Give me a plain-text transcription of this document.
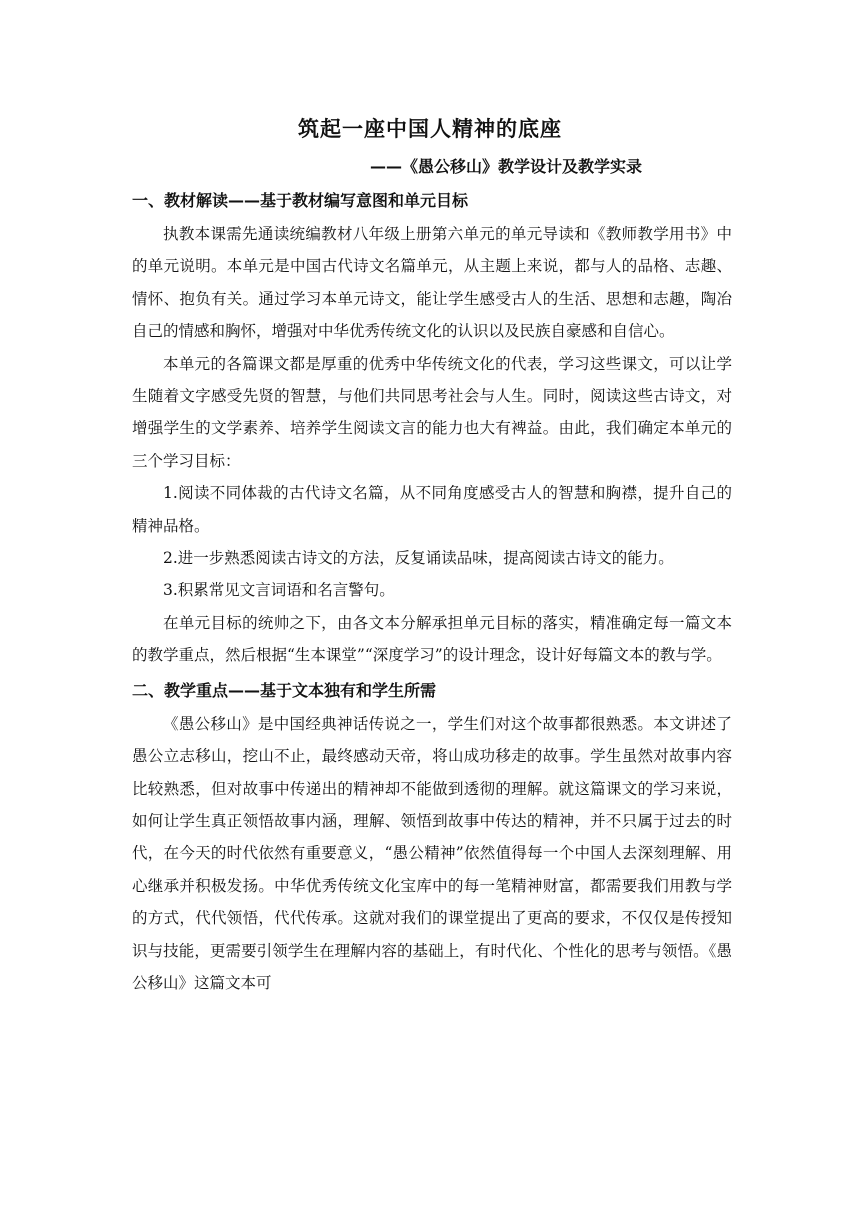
筑起一座中国人精神的底座
——《愚公移山》教学设计及教学实录
一、教材解读——基于教材编写意图和单元目标

执教本课需先通读统编教材八年级上册第六单元的单元导读和《教师教学用书》中的单元说明。本单元是中国古代诗文名篇单元，从主题上来说，都与人的品格、志趣、情怀、抱负有关。通过学习本单元诗文，能让学生感受古人的生活、思想和志趣，陶冶自己的情感和胸怀，增强对中华优秀传统文化的认识以及民族自豪感和自信心。

本单元的各篇课文都是厚重的优秀中华传统文化的代表，学习这些课文，可以让学生随着文字感受先贤的智慧，与他们共同思考社会与人生。同时，阅读这些古诗文，对增强学生的文学素养、培养学生阅读文言的能力也大有裨益。由此，我们确定本单元的三个学习目标：

1.阅读不同体裁的古代诗文名篇，从不同角度感受古人的智慧和胸襟，提升自己的精神品格。

2.进一步熟悉阅读古诗文的方法，反复诵读品味，提高阅读古诗文的能力。

3.积累常见文言词语和名言警句。

在单元目标的统帅之下，由各文本分解承担单元目标的落实，精准确定每一篇文本的教学重点，然后根据“生本课堂”“深度学习”的设计理念，设计好每篇文本的教与学。

二、教学重点——基于文本独有和学生所需

《愚公移山》是中国经典神话传说之一，学生们对这个故事都很熟悉。本文讲述了愚公立志移山，挖山不止，最终感动天帝，将山成功移走的故事。学生虽然对故事内容比较熟悉，但对故事中传递出的精神却不能做到透彻的理解。就这篇课文的学习来说，如何让学生真正领悟故事内涵，理解、领悟到故事中传达的精神，并不只属于过去的时代，在今天的时代依然有重要意义，“愚公精神”依然值得每一个中国人去深刻理解、用心继承并积极发扬。中华优秀传统文化宝库中的每一笔精神财富，都需要我们用教与学的方式，代代领悟，代代传承。这就对我们的课堂提出了更高的要求，不仅仅是传授知识与技能，更需要引领学生在理解内容的基础上，有时代化、个性化的思考与领悟。《愚公移山》这篇文本可
